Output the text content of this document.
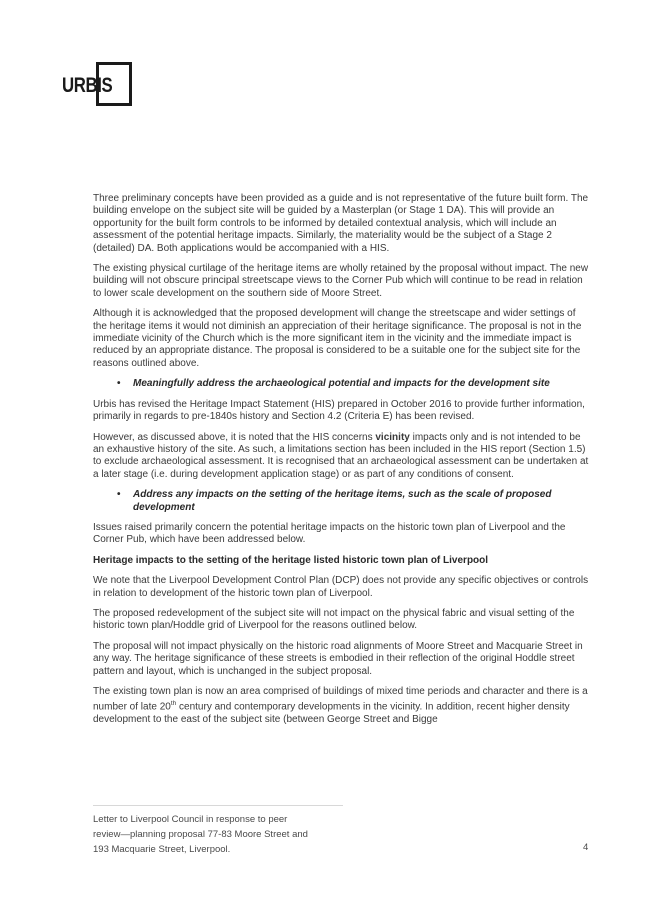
URBIS

Three preliminary concepts have been provided as a guide and is not representative of the future built form. The building envelope on the subject site will be guided by a Masterplan (or Stage 1 DA). This will provide an opportunity for the built form controls to be informed by detailed contextual analysis, which will include an assessment of the potential heritage impacts. Similarly, the materiality would be the subject of a Stage 2 (detailed) DA. Both applications would be accompanied with a HIS.

The existing physical curtilage of the heritage items are wholly retained by the proposal without impact. The new building will not obscure principal streetscape views to the Corner Pub which will continue to be read in relation to lower scale development on the southern side of Moore Street.

Although it is acknowledged that the proposed development will change the streetscape and wider settings of the heritage items it would not diminish an appreciation of their heritage significance. The proposal is not in the immediate vicinity of the Church which is the more significant item in the vicinity and the immediate impact is reduced by an appropriate distance. The proposal is considered to be a suitable one for the subject site for the reasons outlined above.

•	Meaningfully address the archaeological potential and impacts for the development site

Urbis has revised the Heritage Impact Statement (HIS) prepared in October 2016 to provide further information, primarily in regards to pre-1840s history and Section 4.2 (Criteria E) has been revised.

However, as discussed above, it is noted that the HIS concerns vicinity impacts only and is not intended to be an exhaustive history of the site. As such, a limitations section has been included in the HIS report (Section 1.5) to exclude archaeological assessment. It is recognised that an archaeological assessment can be undertaken at a later stage (i.e. during development application stage) or as part of any conditions of consent.

•	Address any impacts on the setting of the heritage items, such as the scale of proposed development

Issues raised primarily concern the potential heritage impacts on the historic town plan of Liverpool and the Corner Pub, which have been addressed below.

Heritage impacts to the setting of the heritage listed historic town plan of Liverpool

We note that the Liverpool Development Control Plan (DCP) does not provide any specific objectives or controls in relation to development of the historic town plan of Liverpool.

The proposed redevelopment of the subject site will not impact on the physical fabric and visual setting of the historic town plan/Hoddle grid of Liverpool for the reasons outlined below.

The proposal will not impact physically on the historic road alignments of Moore Street and Macquarie Street in any way. The heritage significance of these streets is embodied in their reflection of the original Hoddle street pattern and layout, which is unchanged in the subject proposal.

The existing town plan is now an area comprised of buildings of mixed time periods and character and there is a number of late 20th century and contemporary developments in the vicinity. In addition, recent higher density development to the east of the subject site (between George Street and Bigge

Letter to Liverpool Council in response to peer
review—planning proposal 77-83 Moore Street and
193 Macquarie Street, Liverpool.	4
